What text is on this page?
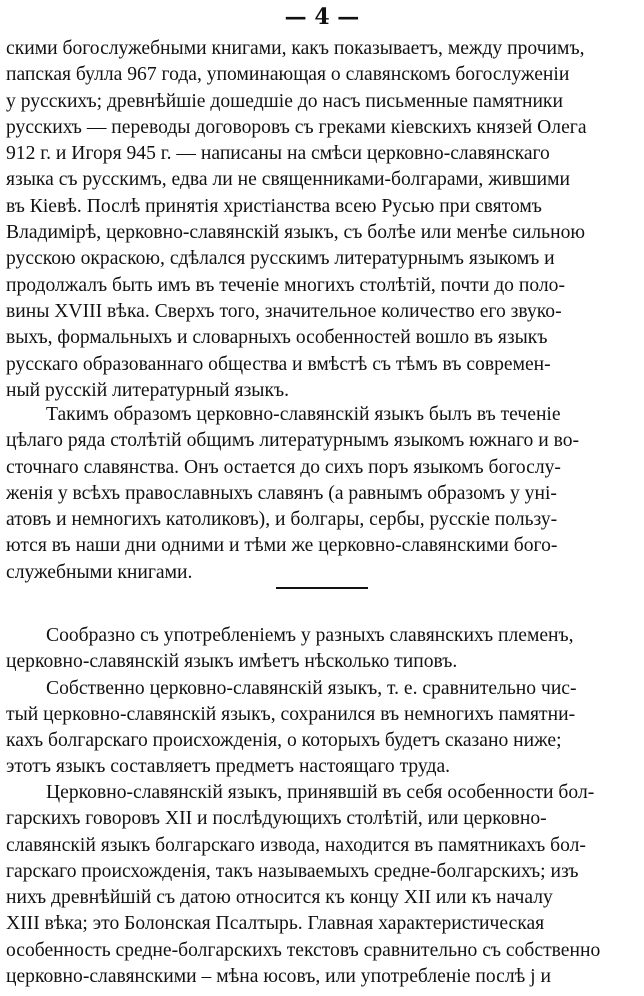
— 4 —
скими богослужебными книгами, какъ показываетъ, между прочимъ,
папская булла 967 года, упоминающая о славянскомъ богослуженіи
у русскихъ; древнѣйшіе дошедшіе до насъ письменные памятники
русскихъ — переводы договоровъ съ греками кіевскихъ князей Олега
912 г. и Игоря 945 г. — написаны на смѣси церковно-славянскаго
языка съ русскимъ, едва ли не священниками-болгарами, жившими
въ Кіевѣ. Послѣ принятія христіанства всею Русью при святомъ
Владимірѣ, церковно-славянскій языкъ, съ болѣе или менѣе сильною
русскою окраскою, сдѣлался русскимъ литературнымъ языкомъ и
продолжалъ быть имъ въ теченіе многихъ столѣтій, почти до поло-
вины XVIII вѣка. Сверхъ того, значительное количество его звуко-
выхъ, формальныхъ и словарныхъ особенностей вошло въ языкъ
русскаго образованнаго общества и вмѣстѣ съ тѣмъ въ современ-
ный русскій литературный языкъ.
Такимъ образомъ церковно-славянскій языкъ былъ въ теченіе
цѣлаго ряда столѣтій общимъ литературнымъ языкомъ южнаго и во-
сточнаго славянства. Онъ остается до сихъ поръ языкомъ богослу-
женія у всѣхъ православныхъ славянъ (а равнымъ образомъ у уні-
атовъ и немногихъ католиковъ), и болгары, сербы, русскіе пользу-
ются въ наши дни одними и тѣми же церковно-славянскими бого-
служебными книгами.
Сообразно съ употребленіемъ у разныхъ славянскихъ племенъ,
церковно-славянскій языкъ имѣетъ нѣсколько типовъ.
Собственно церковно-славянскій языкъ, т. е. сравнительно чис-
тый церковно-славянскій языкъ, сохранился въ немногихъ памятни-
кахъ болгарскаго происхожденія, о которыхъ будетъ сказано ниже;
этотъ языкъ составляетъ предметъ настоящаго труда.
Церковно-славянскій языкъ, принявшій въ себя особенности бол-
гарскихъ говоровъ XII и послѣдующихъ столѣтій, или церковно-
славянскій языкъ болгарскаго извода, находится въ памятникахъ бол-
гарскаго происхожденія, такъ называемыхъ средне-болгарскихъ; изъ
нихъ древнѣйшій съ датою относится къ концу XII или къ началу
XIII вѣка; это Болонская Псалтырь. Главная характеристическая
особенность средне-болгарскихъ текстовъ сравнительно съ собственно
церковно-славянскими – мѣна юсовъ, или употребленіе послѣ j и
